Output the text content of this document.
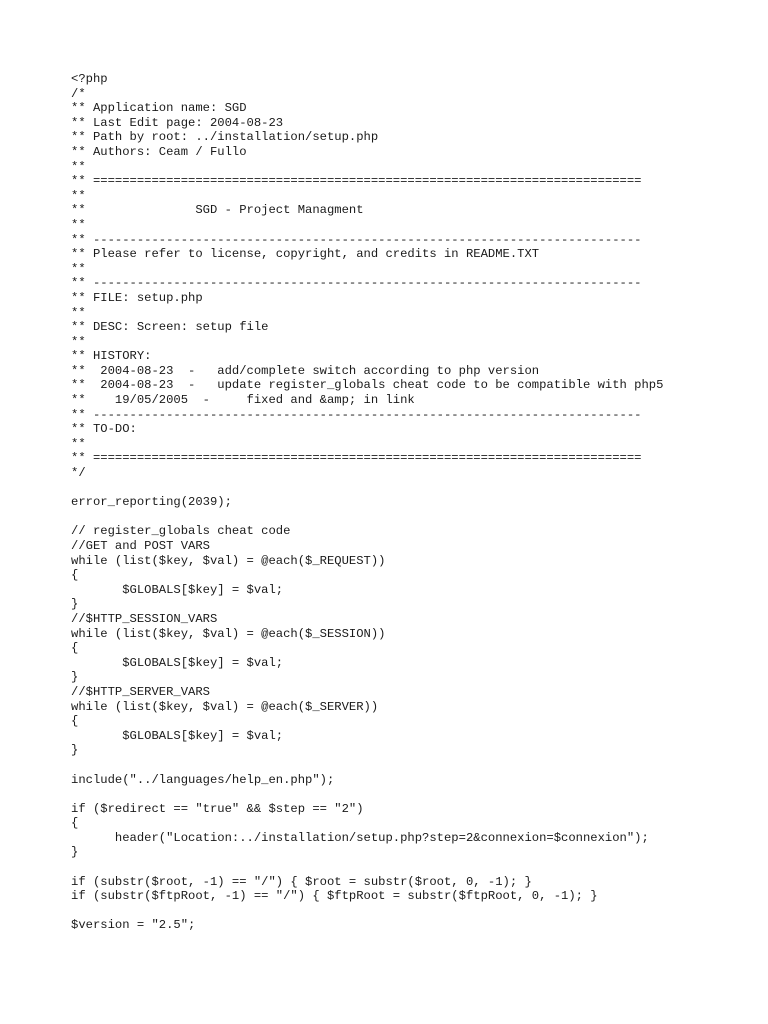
<?php
/*
** Application name: SGD
** Last Edit page: 2004-08-23
** Path by root: ../installation/setup.php
** Authors: Ceam / Fullo
**
** ===========================================================================
**
**               SGD - Project Managment
**
** ---------------------------------------------------------------------------
** Please refer to license, copyright, and credits in README.TXT
**
** ---------------------------------------------------------------------------
** FILE: setup.php
**
** DESC: Screen: setup file
**
** HISTORY:
**  2004-08-23  -   add/complete switch according to php version
**  2004-08-23  -   update register_globals cheat code to be compatible with php5
**    19/05/2005  -     fixed and &amp; in link
** ---------------------------------------------------------------------------
** TO-DO:
**
** ===========================================================================
*/
error_reporting(2039);
// register_globals cheat code
//GET and POST VARS
while (list($key, $val) = @each($_REQUEST))
{
$GLOBALS[$key] = $val;
}
//$HTTP_SESSION_VARS
while (list($key, $val) = @each($_SESSION))
{
$GLOBALS[$key] = $val;
}
//$HTTP_SERVER_VARS
while (list($key, $val) = @each($_SERVER))
{
$GLOBALS[$key] = $val;
}
include("../languages/help_en.php");
if ($redirect == "true" && $step == "2")
{
header("Location:../installation/setup.php?step=2&connexion=$connexion");
}
if (substr($root, -1) == "/") { $root = substr($root, 0, -1); }
if (substr($ftpRoot, -1) == "/") { $ftpRoot = substr($ftpRoot, 0, -1); }
$version = "2.5";
